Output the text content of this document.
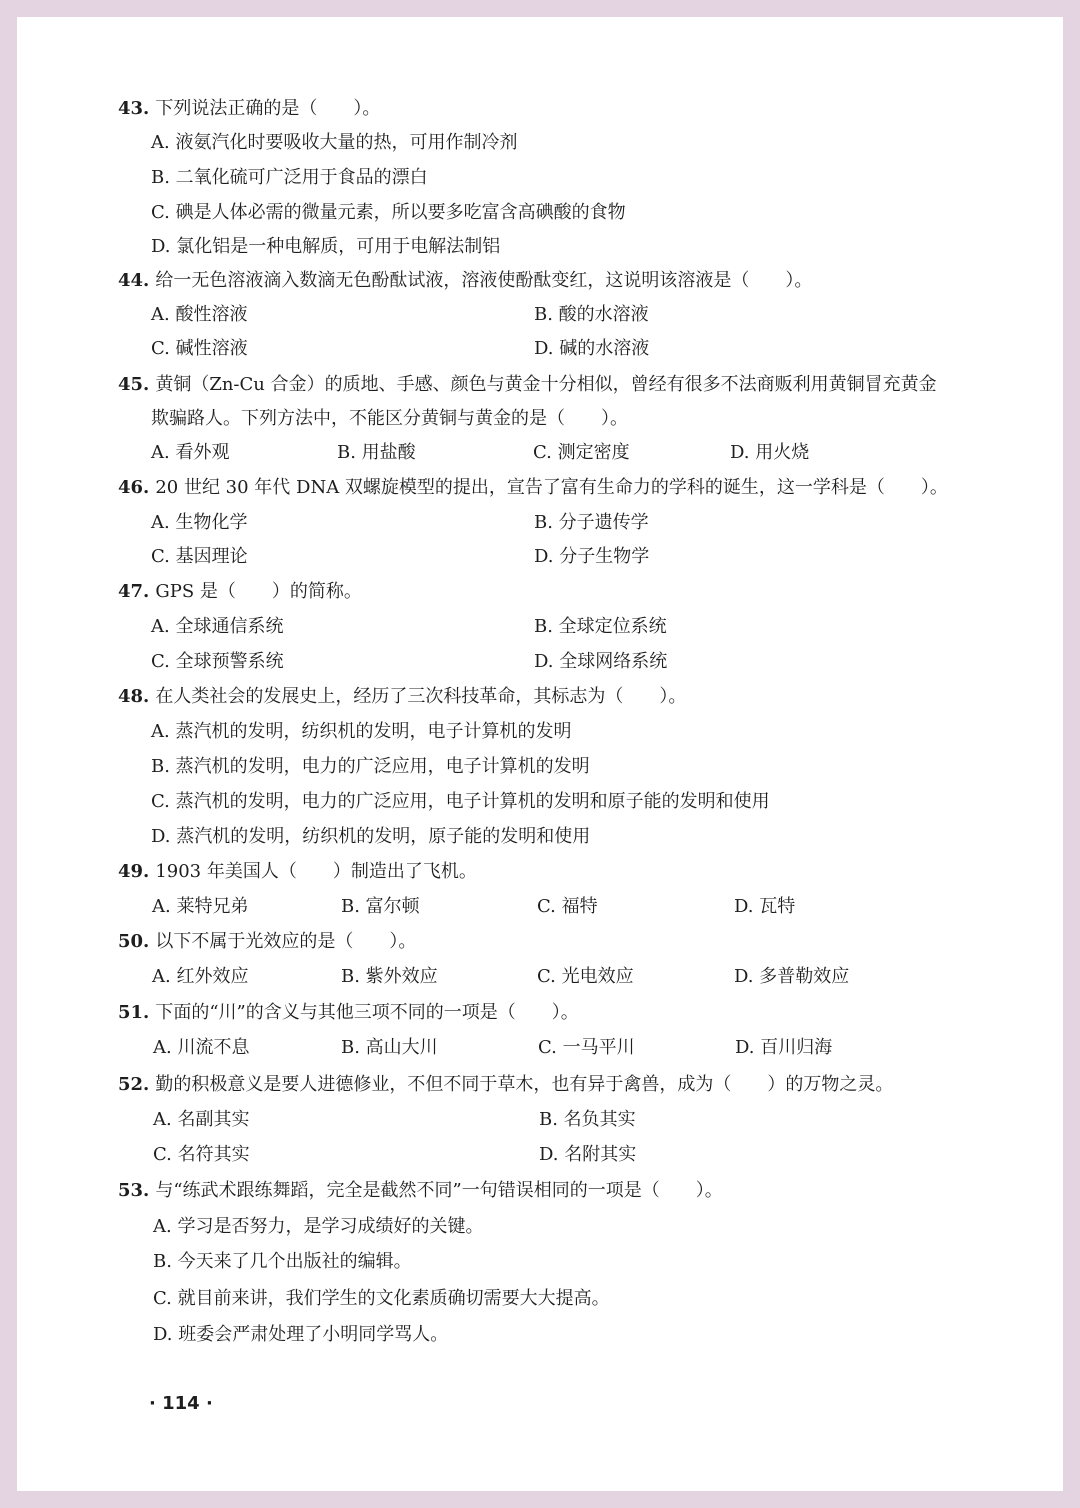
43. 下列说法正确的是（　　）。
A. 液氨汽化时要吸收大量的热，可用作制冷剂
B. 二氧化硫可广泛用于食品的漂白
C. 碘是人体必需的微量元素，所以要多吃富含高碘酸的食物
D. 氯化铝是一种电解质，可用于电解法制铝
44. 给一无色溶液滴入数滴无色酚酞试液，溶液使酚酞变红，这说明该溶液是（　　）。
A. 酸性溶液	B. 酸的水溶液
C. 碱性溶液	D. 碱的水溶液
45. 黄铜（Zn-Cu 合金）的质地、手感、颜色与黄金十分相似，曾经有很多不法商贩利用黄铜冒充黄金
欺骗路人。下列方法中，不能区分黄铜与黄金的是（　　）。
A. 看外观	B. 用盐酸	C. 测定密度	D. 用火烧
46. 20 世纪 30 年代 DNA 双螺旋模型的提出，宣告了富有生命力的学科的诞生，这一学科是（　　）。
A. 生物化学	B. 分子遗传学
C. 基因理论	D. 分子生物学
47. GPS 是（　　）的简称。
A. 全球通信系统	B. 全球定位系统
C. 全球预警系统	D. 全球网络系统
48. 在人类社会的发展史上，经历了三次科技革命，其标志为（　　）。
A. 蒸汽机的发明，纺织机的发明，电子计算机的发明
B. 蒸汽机的发明，电力的广泛应用，电子计算机的发明
C. 蒸汽机的发明，电力的广泛应用，电子计算机的发明和原子能的发明和使用
D. 蒸汽机的发明，纺织机的发明，原子能的发明和使用
49. 1903 年美国人（　　）制造出了飞机。
A. 莱特兄弟	B. 富尔顿	C. 福特	D. 瓦特
50. 以下不属于光效应的是（　　）。
A. 红外效应	B. 紫外效应	C. 光电效应	D. 多普勒效应
51. 下面的“川”的含义与其他三项不同的一项是（　　）。
A. 川流不息	B. 高山大川	C. 一马平川	D. 百川归海
52. 勤的积极意义是要人进德修业，不但不同于草木，也有异于禽兽，成为（　　）的万物之灵。
A. 名副其实	B. 名负其实
C. 名符其实	D. 名附其实
53. 与“练武术跟练舞蹈，完全是截然不同”一句错误相同的一项是（　　）。
A. 学习是否努力，是学习成绩好的关键。
B. 今天来了几个出版社的编辑。
C. 就目前来讲，我们学生的文化素质确切需要大大提高。
D. 班委会严肃处理了小明同学骂人。
· 114 ·
